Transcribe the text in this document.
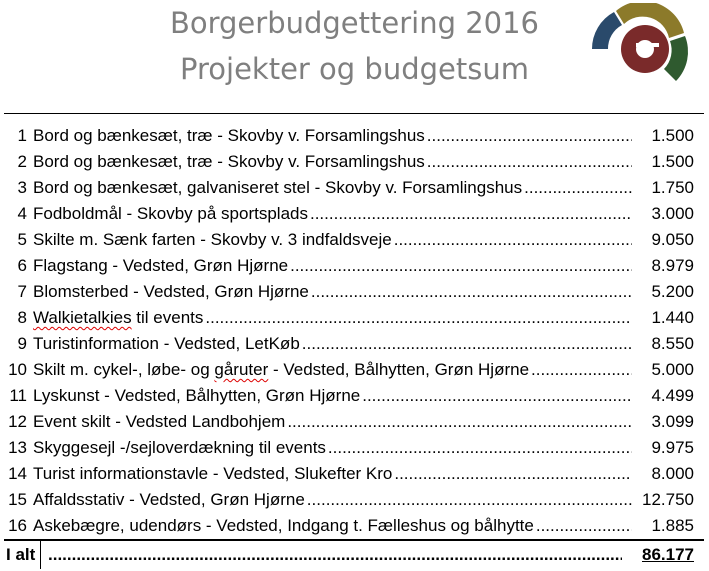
Borgerbudgettering 2016
Projekter og budgetsum
1 Bord og bænkesæt, træ - Skovby v. Forsamlingshus .....	1.500
2 Bord og bænkesæt, træ - Skovby v. Forsamlingshus .....	1.500
3 Bord og bænkesæt, galvaniseret stel - Skovby v. Forsamlingshus .....	1.750
4 Fodboldmål - Skovby på sportsplads .....	3.000
5 Skilte m. Sænk farten - Skovby v. 3 indfaldsveje .....	9.050
6 Flagstang - Vedsted, Grøn Hjørne .....	8.979
7 Blomsterbed - Vedsted, Grøn Hjørne .....	5.200
8 Walkietalkies til events .....	1.440
9 Turistinformation - Vedsted, LetKøb .....	8.550
10 Skilt m. cykel-, løbe- og gåruter - Vedsted, Bålhytten, Grøn Hjørne .....	5.000
11 Lyskunst - Vedsted, Bålhytten, Grøn Hjørne .....	4.499
12 Event skilt - Vedsted Landbohjem .....	3.099
13 Skyggesejl -/sejloverdækning til events .....	9.975
14 Turist informationstavle - Vedsted, Slukefter Kro .....	8.000
15 Affaldsstativ - Vedsted, Grøn Hjørne .....	12.750
16 Askebægre, udendørs - Vedsted, Indgang t. Fælleshus og bålhytte .....	1.885
I alt .....	86.177
